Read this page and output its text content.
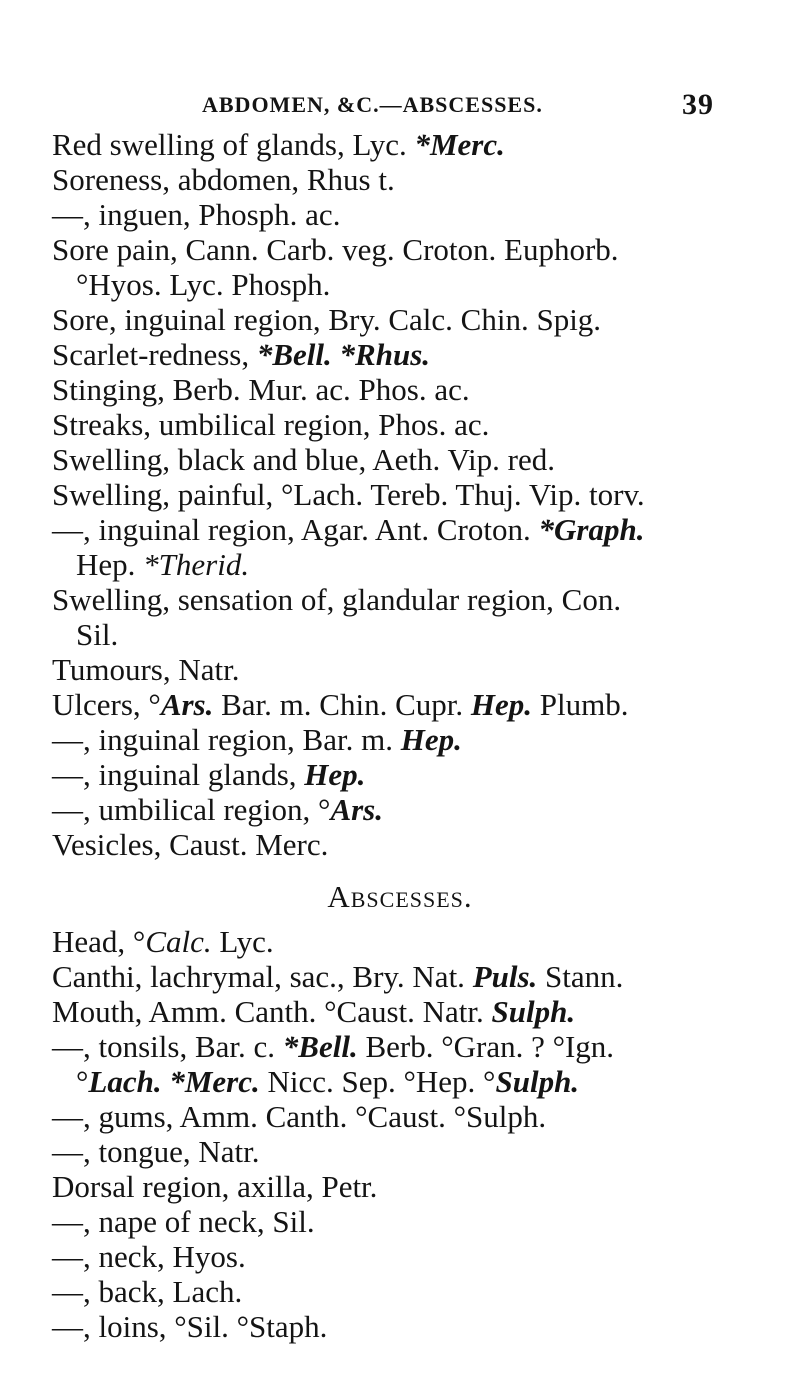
ABDOMEN, &C.—ABSCESSES.	39
Red swelling of glands, Lyc. *Merc.
Soreness, abdomen, Rhus t.
—, inguen, Phosph. ac.
Sore pain, Cann. Carb. veg. Croton. Euphorb.
°Hyos. Lyc. Phosph.
Sore, inguinal region, Bry. Calc. Chin. Spig.
Scarlet-redness, *Bell. *Rhus.
Stinging, Berb. Mur. ac. Phos. ac.
Streaks, umbilical region, Phos. ac.
Swelling, black and blue, Aeth. Vip. red.
Swelling, painful, °Lach. Tereb. Thuj. Vip. torv.
—, inguinal region, Agar. Ant. Croton. *Graph.
Hep. *Therid.
Swelling, sensation of, glandular region, Con.
Sil.
Tumours, Natr.
Ulcers, °Ars. Bar. m. Chin. Cupr. Hep. Plumb.
—, inguinal region, Bar. m. Hep.
—, inguinal glands, Hep.
—, umbilical region, °Ars.
Vesicles, Caust. Merc.
Abscesses.
Head, °Calc. Lyc.
Canthi, lachrymal, sac., Bry. Nat. Puls. Stann.
Mouth, Amm. Canth. °Caust. Natr. Sulph.
—, tonsils, Bar. c. *Bell. Berb. °Gran. ? °Ign.
°Lach. *Merc. Nicc. Sep. °Hep. °Sulph.
—, gums, Amm. Canth. °Caust. °Sulph.
—, tongue, Natr.
Dorsal region, axilla, Petr.
—, nape of neck, Sil.
—, neck, Hyos.
—, back, Lach.
—, loins, °Sil. °Staph.
